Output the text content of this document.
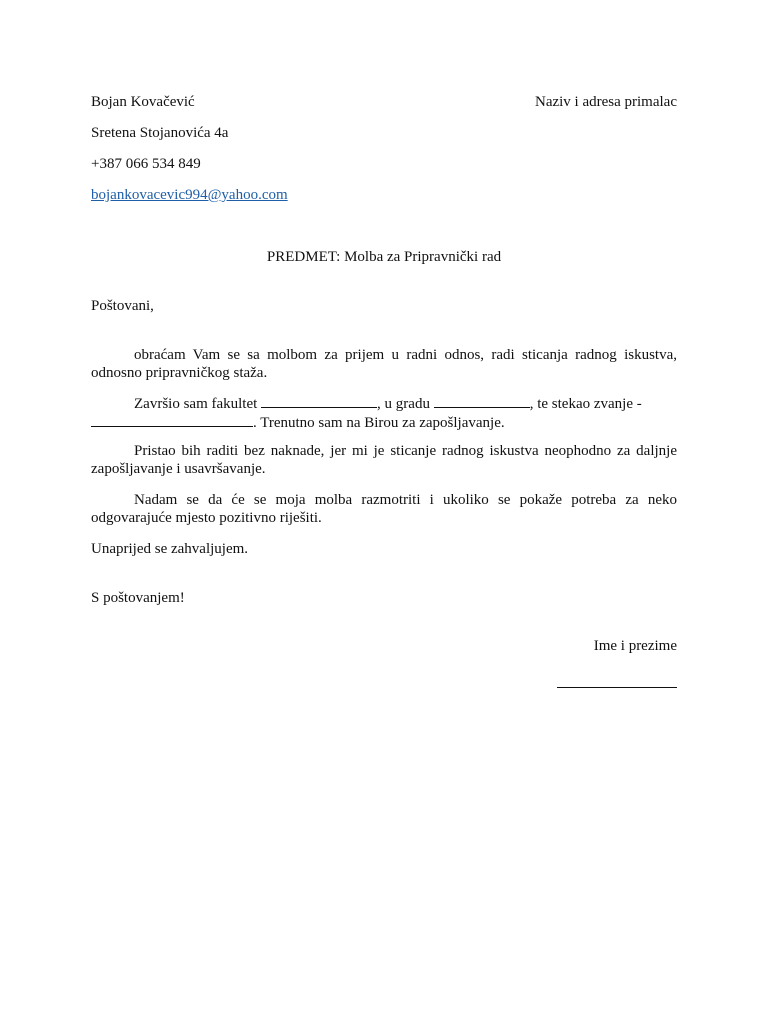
Bojan Kovačević	Naziv i adresa primalac
Sretena Stojanovića 4a
+387 066 534 849
bojankovacevic994@yahoo.com
PREDMET: Molba za Pripravnički rad
Poštovani,
obraćam Vam se sa molbom za prijem u radni odnos, radi sticanja radnog iskustva, odnosno pripravničkog staža.
Završio sam fakultet	, u gradu	, te stekao zvanje -
. Trenutno sam na Birou za zapošljavanje.
Pristao bih raditi bez naknade, jer mi je sticanje radnog iskustva neophodno za daljnje zapošljavanje i usavršavanje.
Nadam se da će se moja molba razmotriti i ukoliko se pokaže potreba za neko odgovarajuće mjesto pozitivno riješiti.
Unaprijed se zahvaljujem.
S poštovanjem!
Ime i prezime
